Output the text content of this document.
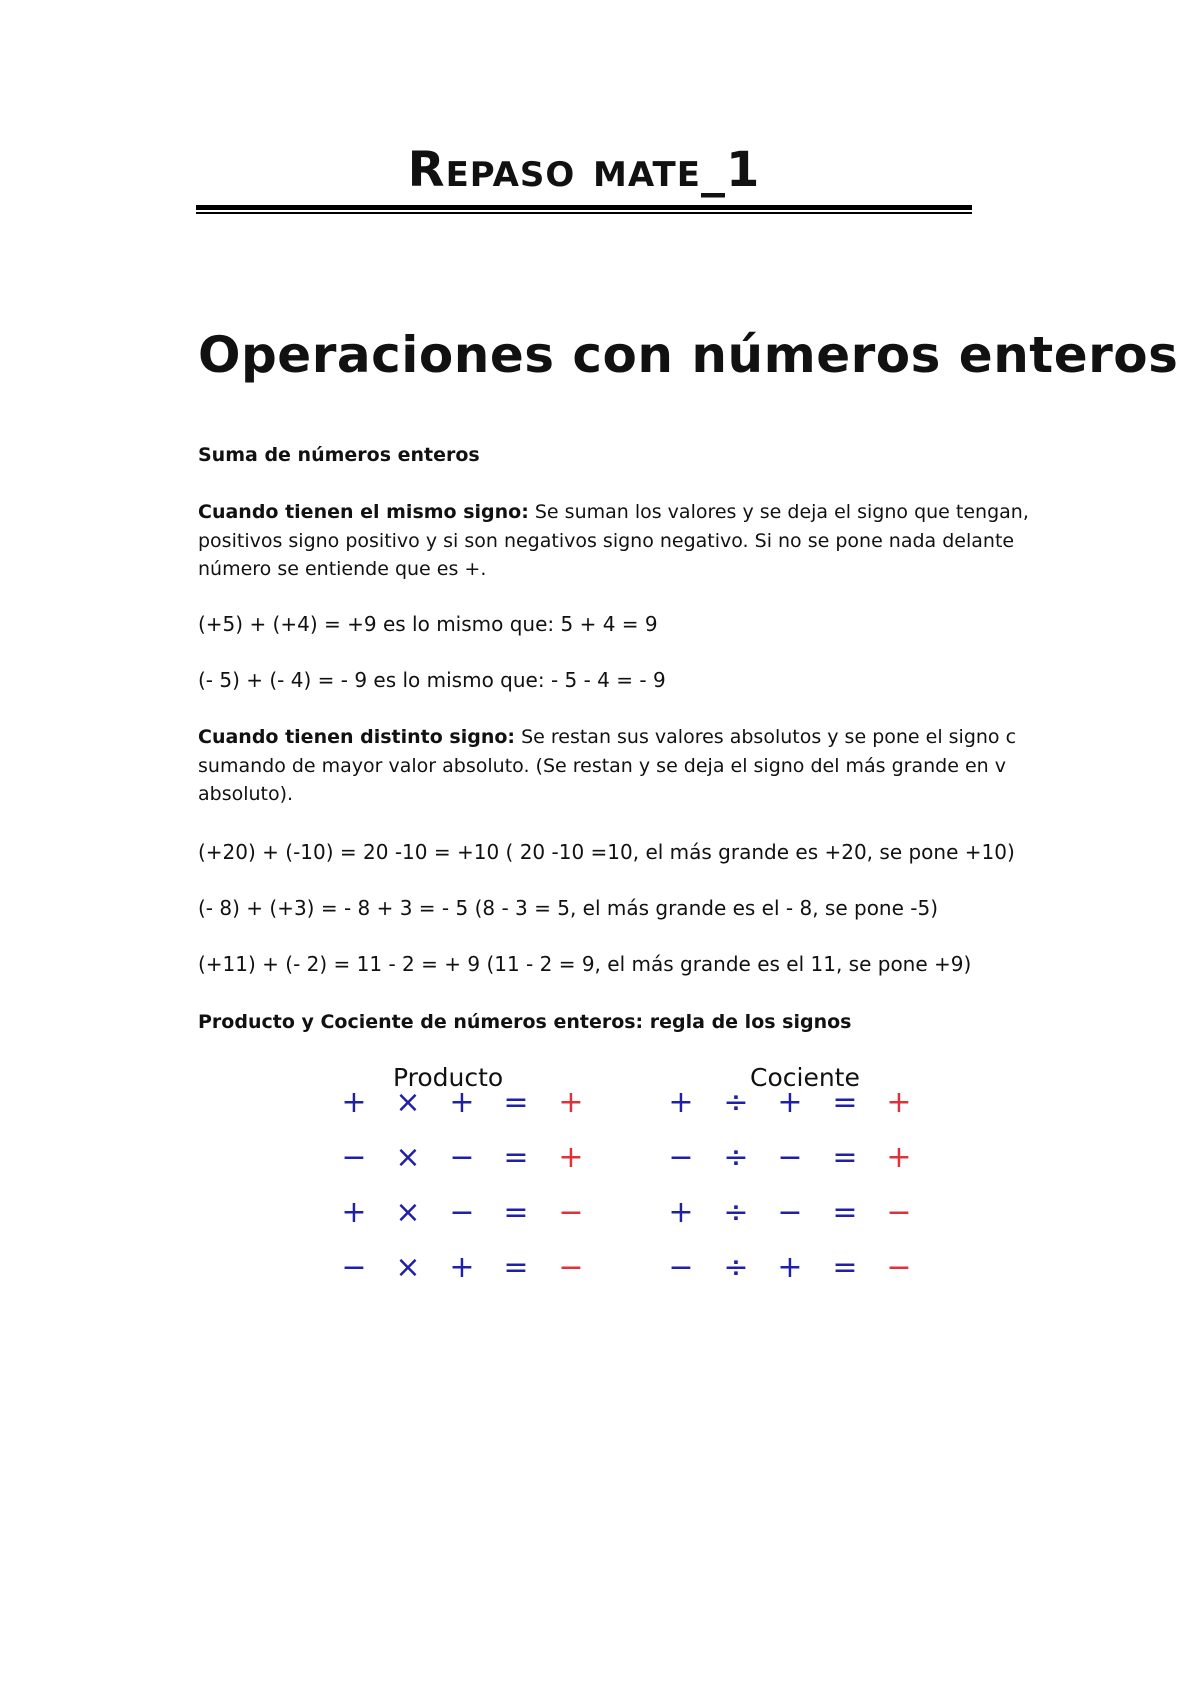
Repaso mate_1
Operaciones con números enteros
Suma de números enteros
Cuando tienen el mismo signo: Se suman los valores y se deja el signo que tengan,
positivos signo positivo y si son negativos signo negativo. Si no se pone nada delante
número se entiende que es +.
(+5) + (+4) = +9 es lo mismo que: 5 + 4 = 9
(- 5) + (- 4) = - 9 es lo mismo que: - 5 - 4 = - 9
Cuando tienen distinto signo: Se restan sus valores absolutos y se pone el signo c
sumando de mayor valor absoluto. (Se restan y se deja el signo del más grande en v
absoluto).
(+20) + (-10) = 20 -10 = +10 ( 20 -10 =10, el más grande es +20, se pone +10)
(- 8) + (+3) = - 8 + 3 = - 5 (8 - 3 = 5, el más grande es el - 8, se pone -5)
(+11) + (- 2) = 11 - 2 = + 9 (11 - 2 = 9, el más grande es el 11, se pone +9)
Producto y Cociente de números enteros: regla de los signos
Producto	Cociente
+ × + = +
− × − = +
+ × − = −
− × + = −
+ ÷ + = +
− ÷ − = +
+ ÷ − = −
− ÷ + = −
